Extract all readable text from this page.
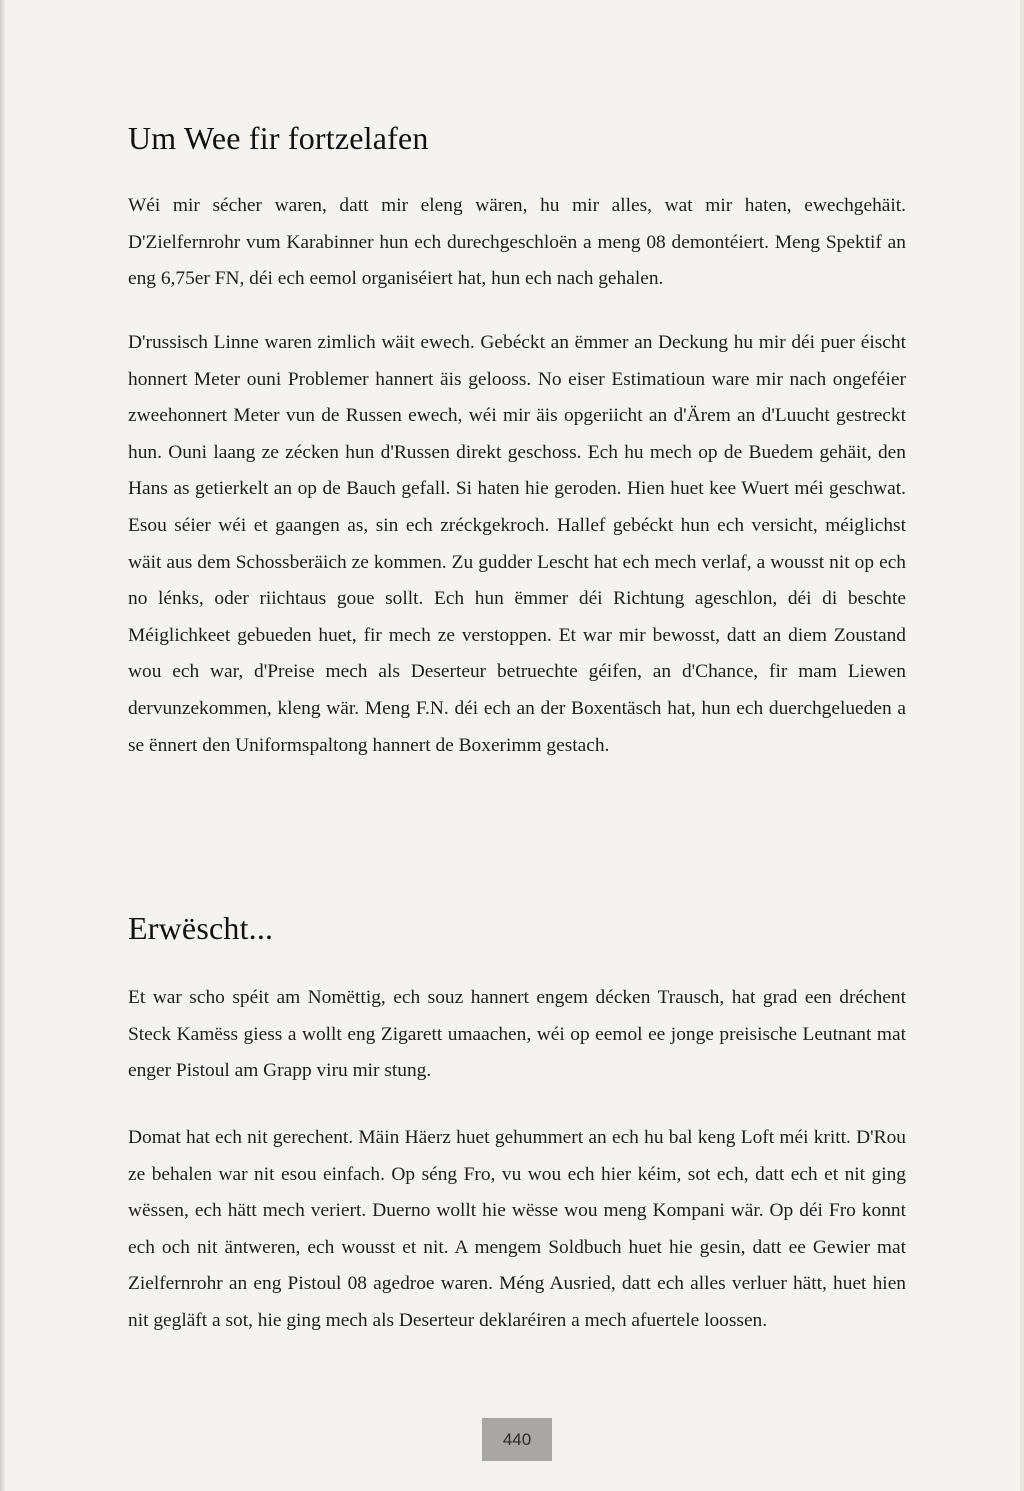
Um Wee fir fortzelafen

Wéi mir sécher waren, datt mir eleng wären, hu mir alles, wat mir haten, ewechgehäit. D'Zielfernrohr vum Karabinner hun ech durechgeschloën a meng 08 demontéiert. Meng Spektif an eng 6,75er FN, déi ech eemol organiséiert hat, hun ech nach gehalen.

D'russisch Linne waren zimlich wäit ewech. Gebéckt an ëmmer an Deckung hu mir déi puer éischt honnert Meter ouni Problemer hannert äis gelooss. No eiser Estimatioun ware mir nach ongeféier zweehonnert Meter vun de Russen ewech, wéi mir äis opgeriicht an d'Ärem an d'Luucht gestreckt hun. Ouni laang ze zécken hun d'Russen direkt geschoss. Ech hu mech op de Buedem gehäit, den Hans as getierkelt an op de Bauch gefall. Si haten hie geroden. Hien huet kee Wuert méi geschwat. Esou séier wéi et gaangen as, sin ech zréckgekroch. Hallef gebéckt hun ech versicht, méiglichst wäit aus dem Schossberäich ze kommen. Zu gudder Lescht hat ech mech verlaf, a wousst nit op ech no lénks, oder riichtaus goue sollt. Ech hun ëmmer déi Richtung ageschlon, déi di beschte Méiglichkeet gebueden huet, fir mech ze verstoppen. Et war mir bewosst, datt an diem Zoustand wou ech war, d'Preise mech als Deserteur betruechte géifen, an d'Chance, fir mam Liewen dervunzekommen, kleng wär. Meng F.N. déi ech an der Boxentäsch hat, hun ech duerchgelueden a se ënnert den Uniformspaltong hannert de Boxerimm gestach.

Erwëscht...

Et war scho spéit am Nomëttig, ech souz hannert engem décken Trausch, hat grad een dréchent Steck Kamëss giess a wollt eng Zigarett umaachen, wéi op eemol ee jonge preisische Leutnant mat enger Pistoul am Grapp viru mir stung.

Domat hat ech nit gerechent. Mäin Häerz huet gehummert an ech hu bal keng Loft méi kritt. D'Rou ze behalen war nit esou einfach. Op séng Fro, vu wou ech hier kéim, sot ech, datt ech et nit ging wëssen, ech hätt mech veriert. Duerno wollt hie wësse wou meng Kompani wär. Op déi Fro konnt ech och nit äntweren, ech wousst et nit. A mengem Soldbuch huet hie gesin, datt ee Gewier mat Zielfernrohr an eng Pistoul 08 agedroe waren. Méng Ausried, datt ech alles verluer hätt, huet hien nit gegläft a sot, hie ging mech als Deserteur deklaréiren a mech afuertele loossen.

440
